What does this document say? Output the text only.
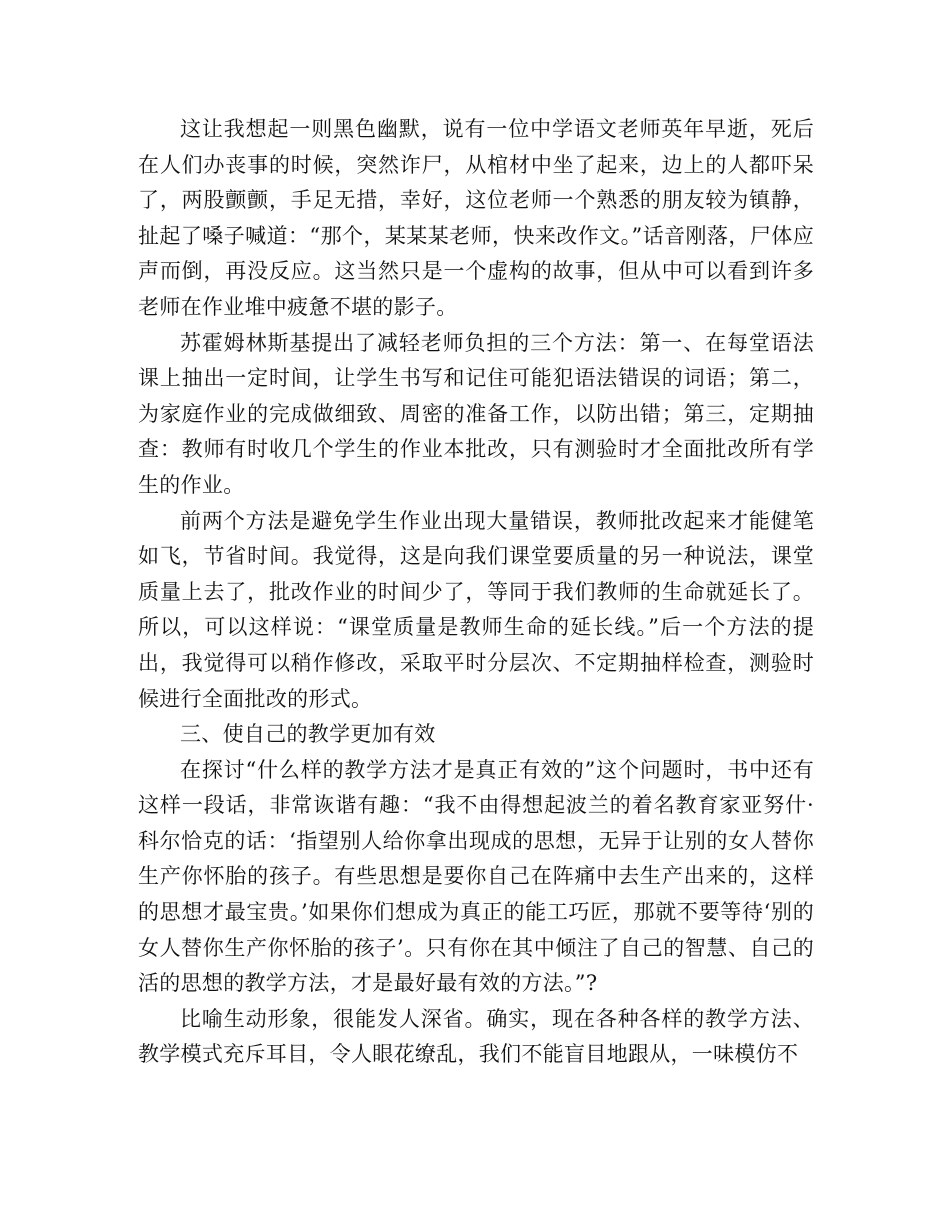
这让我想起一则黑色幽默，说有一位中学语文老师英年早逝，死后在人们办丧事的时候，突然诈尸，从棺材中坐了起来，边上的人都吓呆了，两股颤颤，手足无措，幸好，这位老师一个熟悉的朋友较为镇静，扯起了嗓子喊道：“那个，某某某老师，快来改作文。”话音刚落，尸体应声而倒，再没反应。这当然只是一个虚构的故事，但从中可以看到许多老师在作业堆中疲惫不堪的影子。

苏霍姆林斯基提出了减轻老师负担的三个方法：第一、在每堂语法课上抽出一定时间，让学生书写和记住可能犯语法错误的词语；第二，为家庭作业的完成做细致、周密的准备工作，以防出错；第三，定期抽查：教师有时收几个学生的作业本批改，只有测验时才全面批改所有学生的作业。

前两个方法是避免学生作业出现大量错误，教师批改起来才能健笔如飞，节省时间。我觉得，这是向我们课堂要质量的另一种说法，课堂质量上去了，批改作业的时间少了，等同于我们教师的生命就延长了。所以，可以这样说：“课堂质量是教师生命的延长线。”后一个方法的提出，我觉得可以稍作修改，采取平时分层次、不定期抽样检查，测验时候进行全面批改的形式。

三、使自己的教学更加有效

在探讨“什么样的教学方法才是真正有效的”这个问题时，书中还有这样一段话，非常诙谐有趣：“我不由得想起波兰的着名教育家亚努什·科尔恰克的话：‘指望别人给你拿出现成的思想，无异于让别的女人替你生产你怀胎的孩子。有些思想是要你自己在阵痛中去生产出来的，这样的思想才最宝贵。’如果你们想成为真正的能工巧匠，那就不要等待‘别的女人替你生产你怀胎的孩子’。只有你在其中倾注了自己的智慧、自己的活的思想的教学方法，才是最好最有效的方法。”?

比喻生动形象，很能发人深省。确实，现在各种各样的教学方法、教学模式充斥耳目，令人眼花缭乱，我们不能盲目地跟从，一味模仿不
